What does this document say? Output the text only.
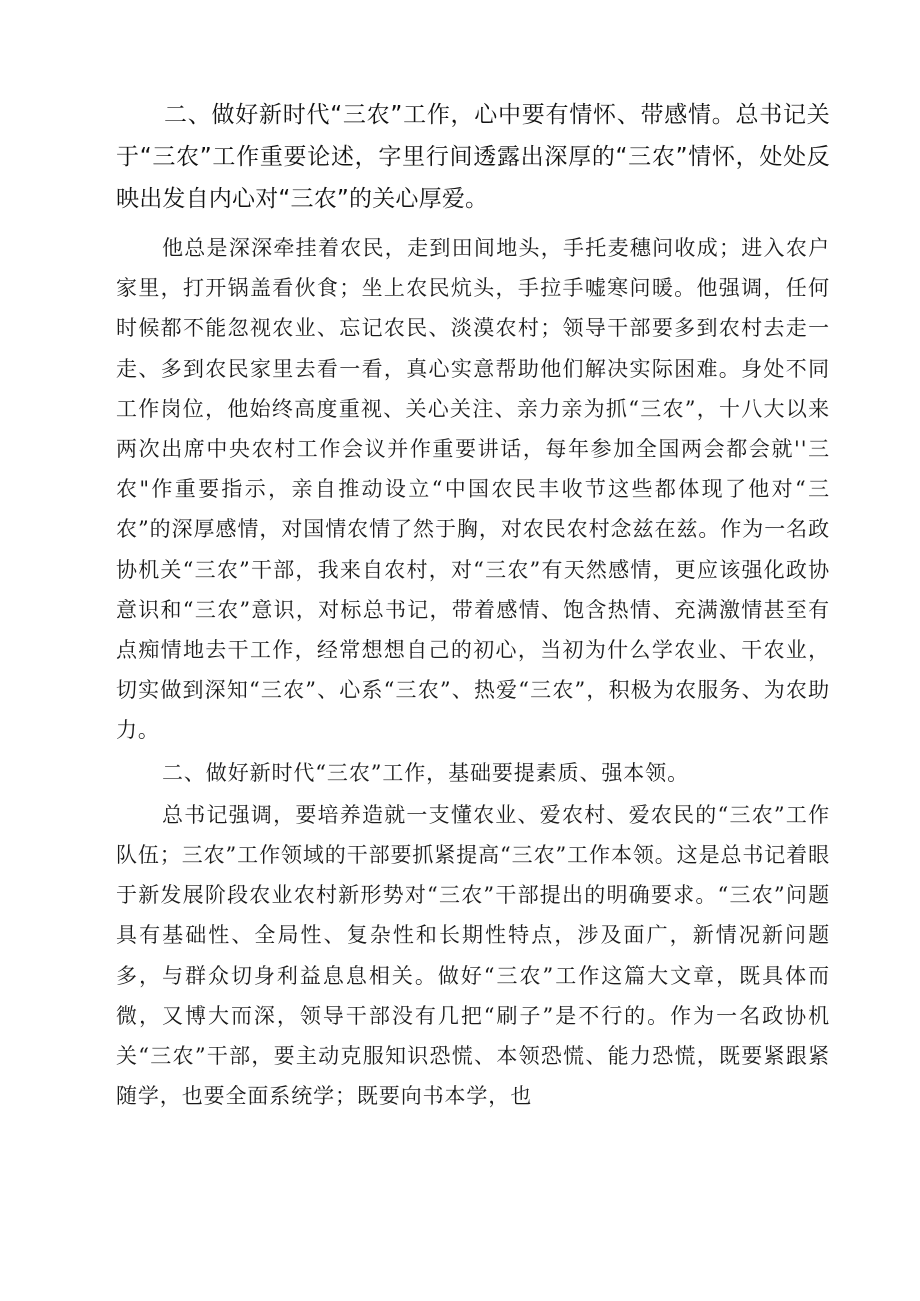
二、做好新时代“三农”工作，心中要有情怀、带感情。总书记关于“三农”工作重要论述，字里行间透露出深厚的“三农”情怀，处处反映出发自内心对“三农”的关心厚爱。

他总是深深牵挂着农民，走到田间地头，手托麦穗问收成；进入农户家里，打开锅盖看伙食；坐上农民炕头，手拉手嘘寒问暖。他强调，任何时候都不能忽视农业、忘记农民、淡漠农村；领导干部要多到农村去走一走、多到农民家里去看一看，真心实意帮助他们解决实际困难。身处不同工作岗位，他始终高度重视、关心关注、亲力亲为抓“三农”，十八大以来两次出席中央农村工作会议并作重要讲话，每年参加全国两会都会就''三农"作重要指示，亲自推动设立“中国农民丰收节这些都体现了他对“三农”的深厚感情，对国情农情了然于胸，对农民农村念兹在兹。作为一名政协机关“三农”干部，我来自农村，对“三农”有天然感情，更应该强化政协意识和“三农”意识，对标总书记，带着感情、饱含热情、充满激情甚至有点痴情地去干工作，经常想想自己的初心，当初为什么学农业、干农业，切实做到深知“三农”、心系“三农”、热爱“三农”，积极为农服务、为农助力。

二、做好新时代“三农”工作，基础要提素质、强本领。

总书记强调，要培养造就一支懂农业、爱农村、爱农民的“三农”工作队伍；三农”工作领域的干部要抓紧提高“三农”工作本领。这是总书记着眼于新发展阶段农业农村新形势对“三农”干部提出的明确要求。“三农”问题具有基础性、全局性、复杂性和长期性特点，涉及面广，新情况新问题多，与群众切身利益息息相关。做好“三农”工作这篇大文章，既具体而微，又博大而深，领导干部没有几把“刷子”是不行的。作为一名政协机关“三农”干部，要主动克服知识恐慌、本领恐慌、能力恐慌，既要紧跟紧随学，也要全面系统学；既要向书本学，也
